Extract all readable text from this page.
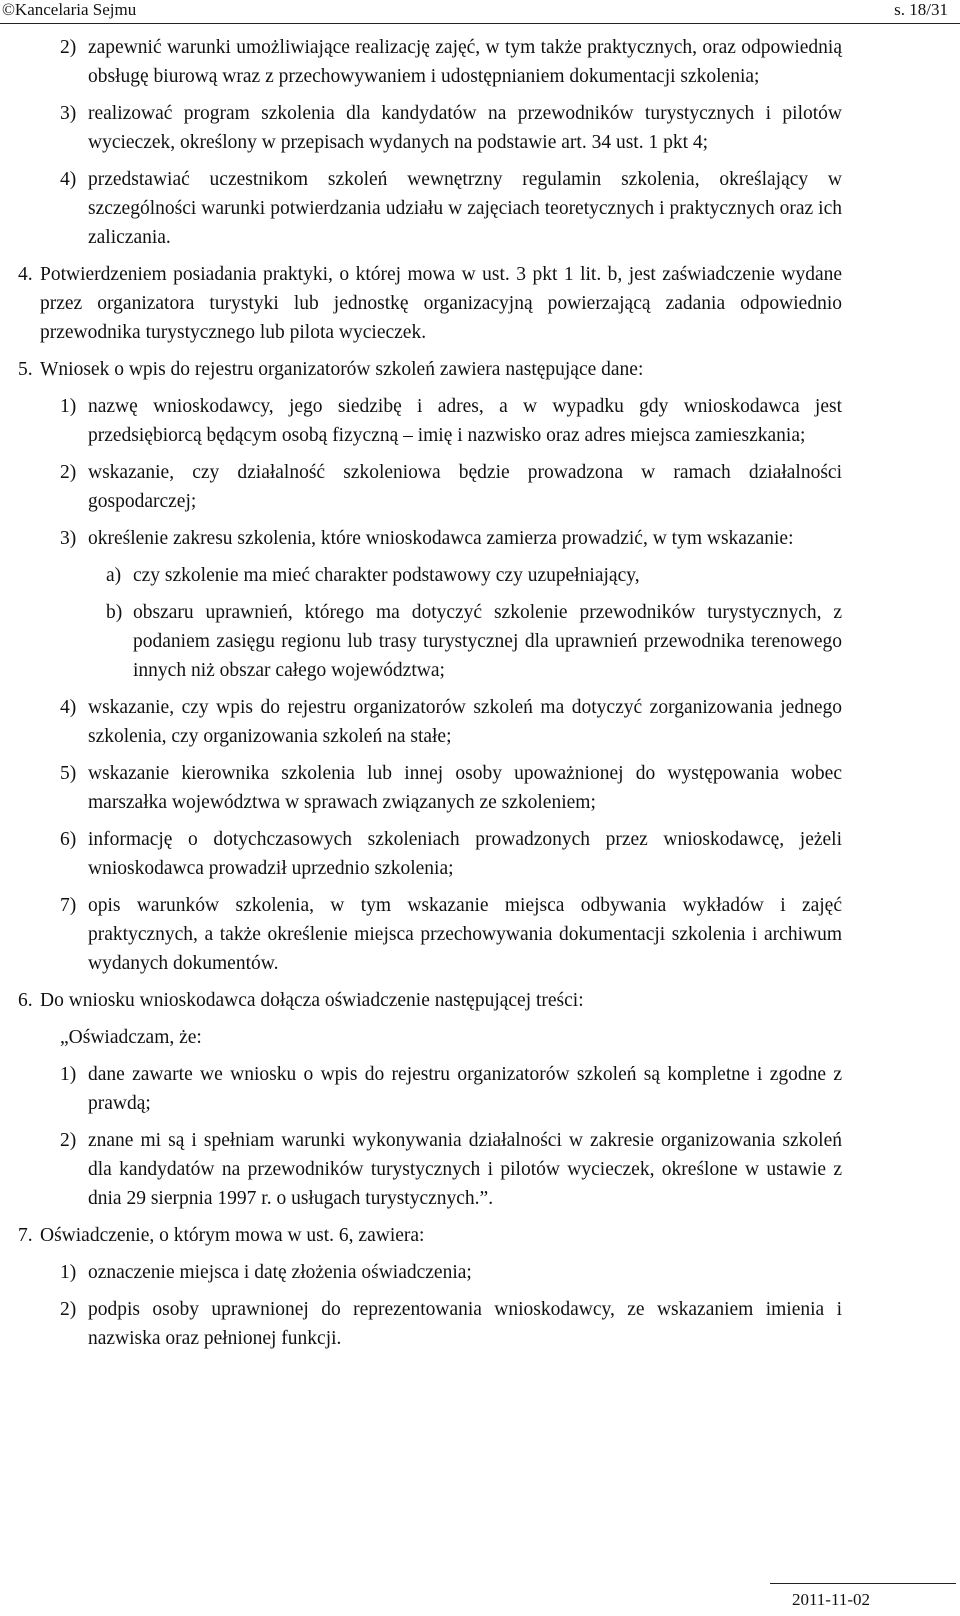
©Kancelaria Sejmu	s. 18/31
2) zapewnić warunki umożliwiające realizację zajęć, w tym także praktycznych, oraz odpowiednią obsługę biurową wraz z przechowywaniem i udostępnianiem dokumentacji szkolenia;
3) realizować program szkolenia dla kandydatów na przewodników turystycznych i pilotów wycieczek, określony w przepisach wydanych na podstawie art. 34 ust. 1 pkt 4;
4) przedstawiać uczestnikom szkoleń wewnętrzny regulamin szkolenia, określający w szczególności warunki potwierdzania udziału w zajęciach teoretycznych i praktycznych oraz ich zaliczania.
4. Potwierdzeniem posiadania praktyki, o której mowa w ust. 3 pkt 1 lit. b, jest zaświadczenie wydane przez organizatora turystyki lub jednostkę organizacyjną powierzającą zadania odpowiednio przewodnika turystycznego lub pilota wycieczek.
5. Wniosek o wpis do rejestru organizatorów szkoleń zawiera następujące dane:
1) nazwę wnioskodawcy, jego siedzibę i adres, a w wypadku gdy wnioskodawca jest przedsiębiorcą będącym osobą fizyczną – imię i nazwisko oraz adres miejsca zamieszkania;
2) wskazanie, czy działalność szkoleniowa będzie prowadzona w ramach działalności gospodarczej;
3) określenie zakresu szkolenia, które wnioskodawca zamierza prowadzić, w tym wskazanie:
a) czy szkolenie ma mieć charakter podstawowy czy uzupełniający,
b) obszaru uprawnień, którego ma dotyczyć szkolenie przewodników turystycznych, z podaniem zasięgu regionu lub trasy turystycznej dla uprawnień przewodnika terenowego innych niż obszar całego województwa;
4) wskazanie, czy wpis do rejestru organizatorów szkoleń ma dotyczyć zorganizowania jednego szkolenia, czy organizowania szkoleń na stałe;
5) wskazanie kierownika szkolenia lub innej osoby upoważnionej do występowania wobec marszałka województwa w sprawach związanych ze szkoleniem;
6) informację o dotychczasowych szkoleniach prowadzonych przez wnioskodawcę, jeżeli wnioskodawca prowadził uprzednio szkolenia;
7) opis warunków szkolenia, w tym wskazanie miejsca odbywania wykładów i zajęć praktycznych, a także określenie miejsca przechowywania dokumentacji szkolenia i archiwum wydanych dokumentów.
6. Do wniosku wnioskodawca dołącza oświadczenie następującej treści:
„Oświadczam, że:
1) dane zawarte we wniosku o wpis do rejestru organizatorów szkoleń są kompletne i zgodne z prawdą;
2) znane mi są i spełniam warunki wykonywania działalności w zakresie organizowania szkoleń dla kandydatów na przewodników turystycznych i pilotów wycieczek, określone w ustawie z dnia 29 sierpnia 1997 r. o usługach turystycznych.”.
7. Oświadczenie, o którym mowa w ust. 6, zawiera:
1) oznaczenie miejsca i datę złożenia oświadczenia;
2) podpis osoby uprawnionej do reprezentowania wnioskodawcy, ze wskazaniem imienia i nazwiska oraz pełnionej funkcji.
2011-11-02
